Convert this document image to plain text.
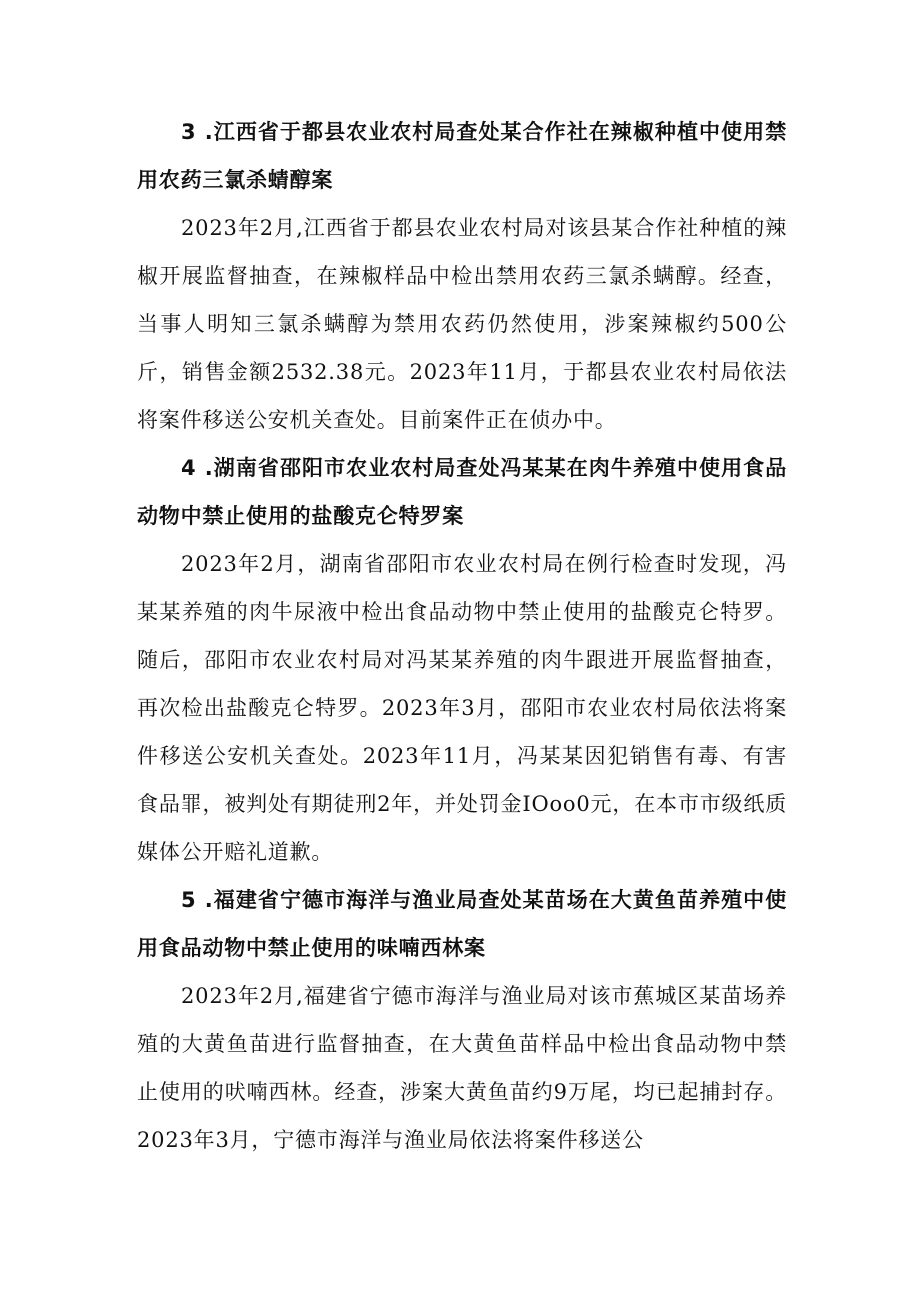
3 .江西省于都县农业农村局查处某合作社在辣椒种植中使用禁用农药三氯杀蜻醇案

2023年2月,江西省于都县农业农村局对该县某合作社种植的辣椒开展监督抽查，在辣椒样品中检出禁用农药三氯杀螨醇。经查，当事人明知三氯杀螨醇为禁用农药仍然使用，涉案辣椒约500公斤，销售金额2532.38元。2023年11月，于都县农业农村局依法将案件移送公安机关查处。目前案件正在侦办中。

4 .湖南省邵阳市农业农村局查处冯某某在肉牛养殖中使用食品动物中禁止使用的盐酸克仑特罗案

2023年2月，湖南省邵阳市农业农村局在例行检查时发现，冯某某养殖的肉牛尿液中检出食品动物中禁止使用的盐酸克仑特罗。随后，邵阳市农业农村局对冯某某养殖的肉牛跟进开展监督抽查，再次检出盐酸克仑特罗。2023年3月，邵阳市农业农村局依法将案件移送公安机关查处。2023年11月，冯某某因犯销售有毒、有害食品罪，被判处有期徒刑2年，并处罚金IOoo0元，在本市市级纸质媒体公开赔礼道歉。

5 .福建省宁德市海洋与渔业局查处某苗场在大黄鱼苗养殖中使用食品动物中禁止使用的味喃西林案

2023年2月,福建省宁德市海洋与渔业局对该市蕉城区某苗场养殖的大黄鱼苗进行监督抽查，在大黄鱼苗样品中检出食品动物中禁止使用的吠喃西林。经查，涉案大黄鱼苗约9万尾，均已起捕封存。2023年3月，宁德市海洋与渔业局依法将案件移送公
